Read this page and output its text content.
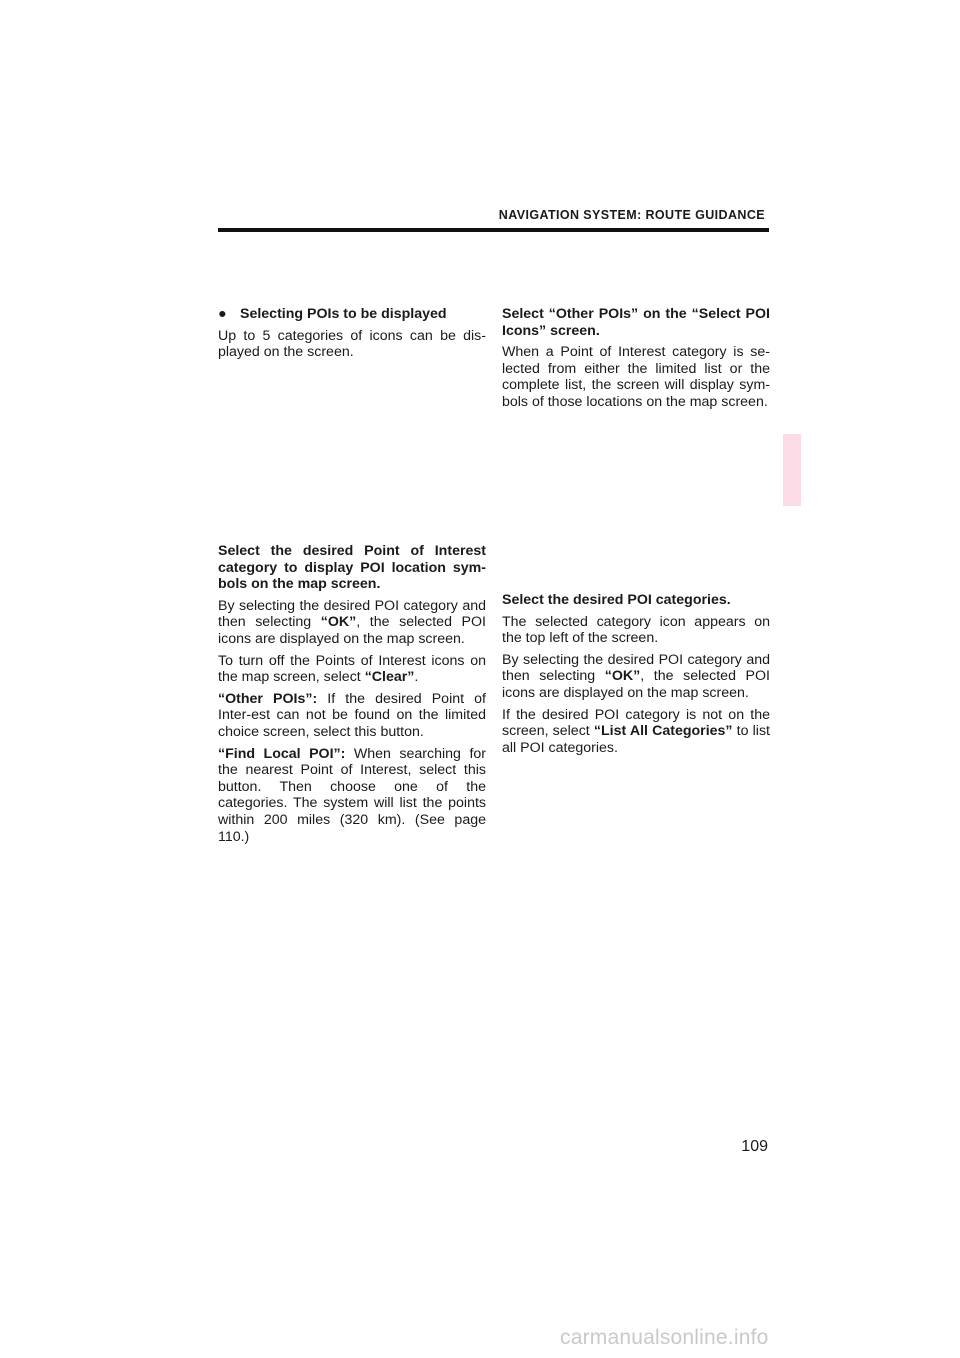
NAVIGATION SYSTEM: ROUTE GUIDANCE

● Selecting POIs to be displayed

Up to 5 categories of icons can be dis-played on the screen.

Select the desired Point of Interest category to display POI location sym-bols on the map screen.

By selecting the desired POI category and then selecting “OK”, the selected POI icons are displayed on the map screen.

To turn off the Points of Interest icons on the map screen, select “Clear”.

“Other POIs”: If the desired Point of Inter-est can not be found on the limited choice screen, select this button.

“Find Local POI”: When searching for the nearest Point of Interest, select this button. Then choose one of the categories. The system will list the points within 200 miles (320 km). (See page 110.)

Select “Other POIs” on the “Select POI Icons” screen.

When a Point of Interest category is se-lected from either the limited list or the complete list, the screen will display sym-bols of those locations on the map screen.

Select the desired POI categories.

The selected category icon appears on the top left of the screen.

By selecting the desired POI category and then selecting “OK”, the selected POI icons are displayed on the map screen.

If the desired POI category is not on the screen, select “List All Categories” to list all POI categories.

109
carmanualsonline.info
